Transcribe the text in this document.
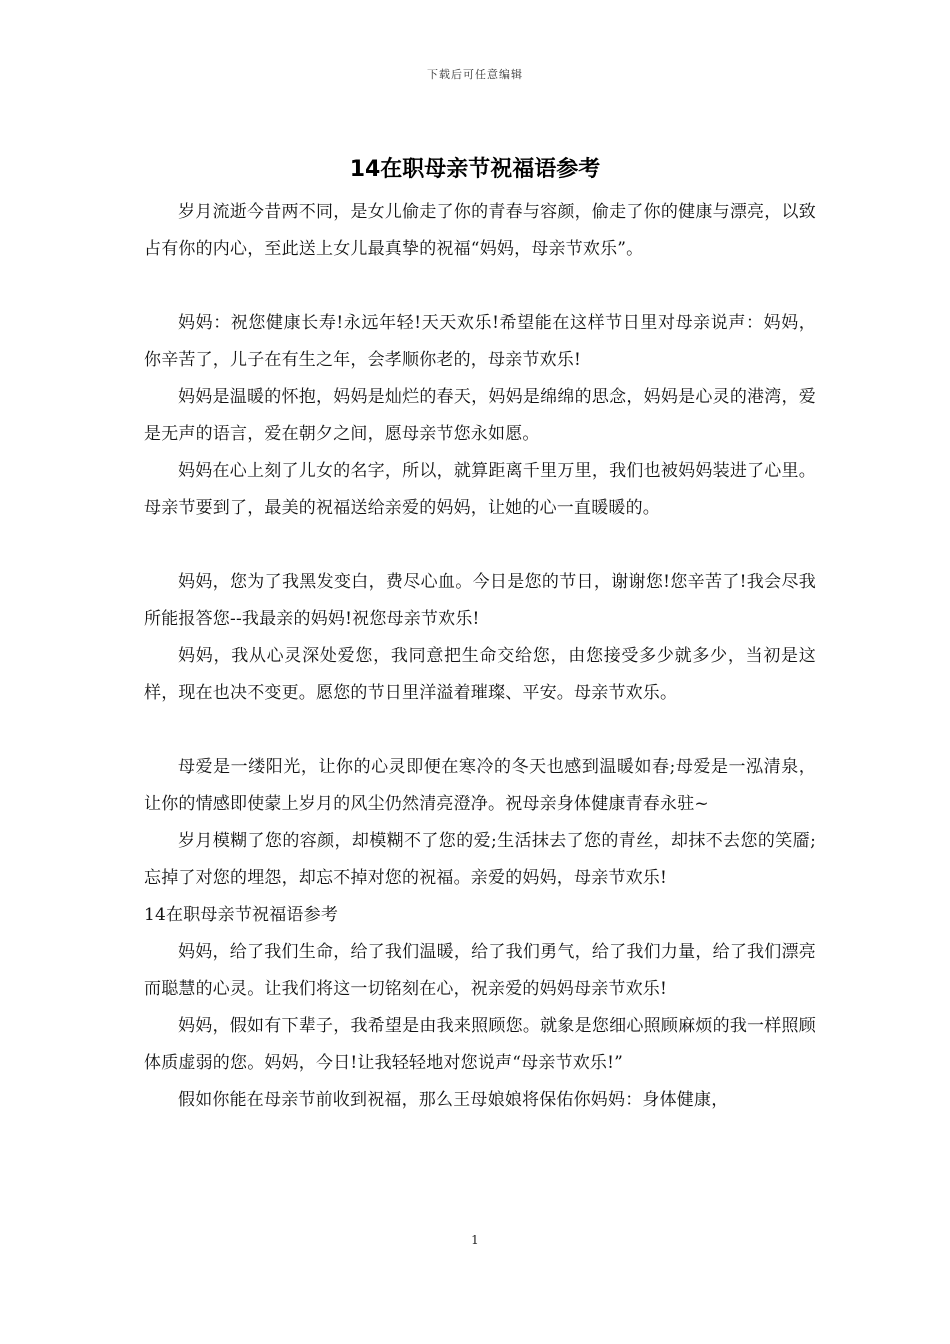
下载后可任意编辑
14在职母亲节祝福语参考

岁月流逝今昔两不同，是女儿偷走了你的青春与容颜，偷走了你的健康与漂亮，以致占有你的内心，至此送上女儿最真挚的祝福“妈妈，母亲节欢乐”。

妈妈：祝您健康长寿!永远年轻!天天欢乐!希望能在这样节日里对母亲说声：妈妈，你辛苦了，儿子在有生之年，会孝顺你老的，母亲节欢乐!

妈妈是温暖的怀抱，妈妈是灿烂的春天，妈妈是绵绵的思念，妈妈是心灵的港湾，爱是无声的语言，爱在朝夕之间，愿母亲节您永如愿。

妈妈在心上刻了儿女的名字，所以，就算距离千里万里，我们也被妈妈装进了心里。母亲节要到了，最美的祝福送给亲爱的妈妈，让她的心一直暖暖的。

妈妈，您为了我黑发变白，费尽心血。今日是您的节日，谢谢您!您辛苦了!我会尽我所能报答您--我最亲的妈妈!祝您母亲节欢乐!

妈妈，我从心灵深处爱您，我同意把生命交给您，由您接受多少就多少，当初是这样，现在也决不变更。愿您的节日里洋溢着璀璨、平安。母亲节欢乐。

母爱是一缕阳光，让你的心灵即便在寒冷的冬天也感到温暖如春;母爱是一泓清泉，让你的情感即使蒙上岁月的风尘仍然清亮澄净。祝母亲身体健康青春永驻~

岁月模糊了您的容颜，却模糊不了您的爱;生活抹去了您的青丝，却抹不去您的笑靥;忘掉了对您的埋怨，却忘不掉对您的祝福。亲爱的妈妈，母亲节欢乐!

14在职母亲节祝福语参考

妈妈，给了我们生命，给了我们温暖，给了我们勇气，给了我们力量，给了我们漂亮而聪慧的心灵。让我们将这一切铭刻在心，祝亲爱的妈妈母亲节欢乐!

妈妈，假如有下辈子，我希望是由我来照顾您。就象是您细心照顾麻烦的我一样照顾体质虚弱的您。妈妈，今日!让我轻轻地对您说声“母亲节欢乐!”

假如你能在母亲节前收到祝福，那么王母娘娘将保佑你妈妈：身体健康，

1
